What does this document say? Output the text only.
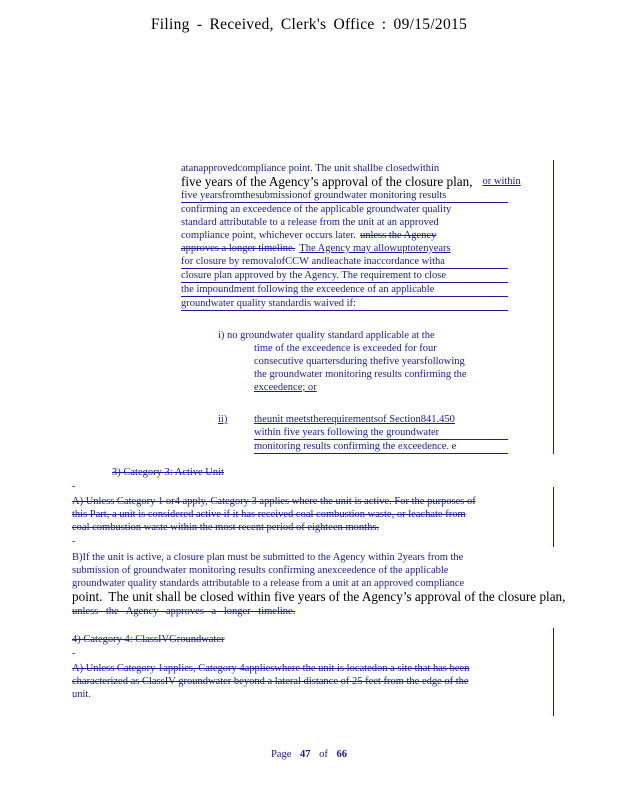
Filing - Received, Clerk's Office : 09/15/2015
atanapprovedcompliance point. The unit shallbe closedwithin
five years of the Agency’s approval of the closure plan, or within
five yearsfromthesubmissionof groundwater monitoring results
confirming an exceedence of the applicable groundwater quality
standard attributable to a release from the unit at an approved
compliance point, whichever occurs later. unless the Agency
approves a longer timeline. The Agency may allowuptotenyears
for closure by removalofCCW andleachate inaccordance witha
closure plan approved by the Agency. The requirement to close
the impoundment following the exceedence of an applicable
groundwater quality standardis waived if:
i) no groundwater quality standard applicable at the
time of the exceedence is exceeded for four
consecutive quartersduring thefive yearsfollowing
the groundwater monitoring results confirming the
exceedence; or
ii)	theunit meetstherequirementsof Section841.450
within five years following the groundwater
monitoring results confirming the exceedence. e
3) Category 3: Active Unit
-
A) Unless Category 1 or4 apply, Category 3 applies where the unit is active. For the purposes of
this Part, a unit is considered active if it has received coal combustion waste, or leachate from
coal combustion waste within the most recent period of eighteen months.
-
B)If the unit is active, a closure plan must be submitted to the Agency within 2years from the
submission of groundwater monitoring results confirming anexceedence of the applicable
groundwater quality standards attributable to a release from a unit at an approved compliance
point. The unit shall be closed within five years of the Agency’s approval of the closure plan,
unless the Agency approves a longer timeline.
4) Category 4: ClassIVGroundwater
-
A) Unless Category 1applies, Category 4applieswhere the unit is locatedon a site that has been
characterized as ClassIV groundwater beyond a lateral distance of 25 feet from the edge of the
unit.
Page 47 of 66
